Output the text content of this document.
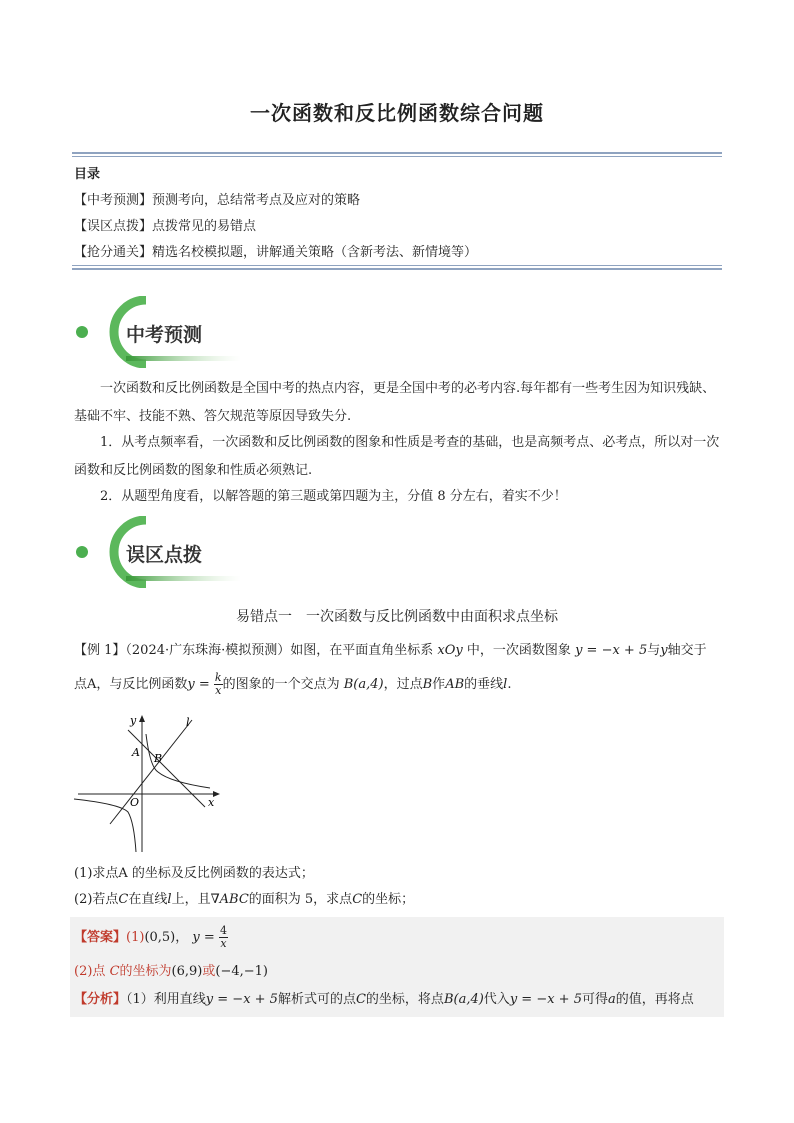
一次函数和反比例函数综合问题
目录
【中考预测】预测考向，总结常考点及应对的策略
【误区点拨】点拨常见的易错点
【抢分通关】精选名校模拟题，讲解通关策略（含新考法、新情境等）
中考预测

一次函数和反比例函数是全国中考的热点内容，更是全国中考的必考内容.每年都有一些考生因为知识残缺、基础不牢、技能不熟、答欠规范等原因导致失分.

1．从考点频率看，一次函数和反比例函数的图象和性质是考查的基础，也是高频考点、必考点，所以对一次函数和反比例函数的图象和性质必须熟记.

2．从题型角度看，以解答题的第三题或第四题为主，分值 8 分左右，着实不少！

误区点拨
易错点一　一次函数与反比例函数中由面积求点坐标
【例 1】（2024·广东珠海·模拟预测）如图，在平面直角坐标系 xOy 中，一次函数图象 y = −x + 5与y轴交于
点A，与反比例函数$y = \frac{k}{x}$ 的图象的一个交点为 B(a,4)，过点B作AB的垂线l.
y
x
O
A B
l
(1)求点A 的坐标及反比例函数的表达式；
(2)若点C在直线l上，且∇ABC的面积为 5，求点C的坐标；
【答案】(1)(0,5)， $y = \frac{4}{x}$
(2)点 C的坐标为(6,9)或(−4,−1)
【分析】（1）利用直线y = −x + 5解析式可的点C的坐标，将点B(a,4)代入y = −x + 5可得a的值，再将点
